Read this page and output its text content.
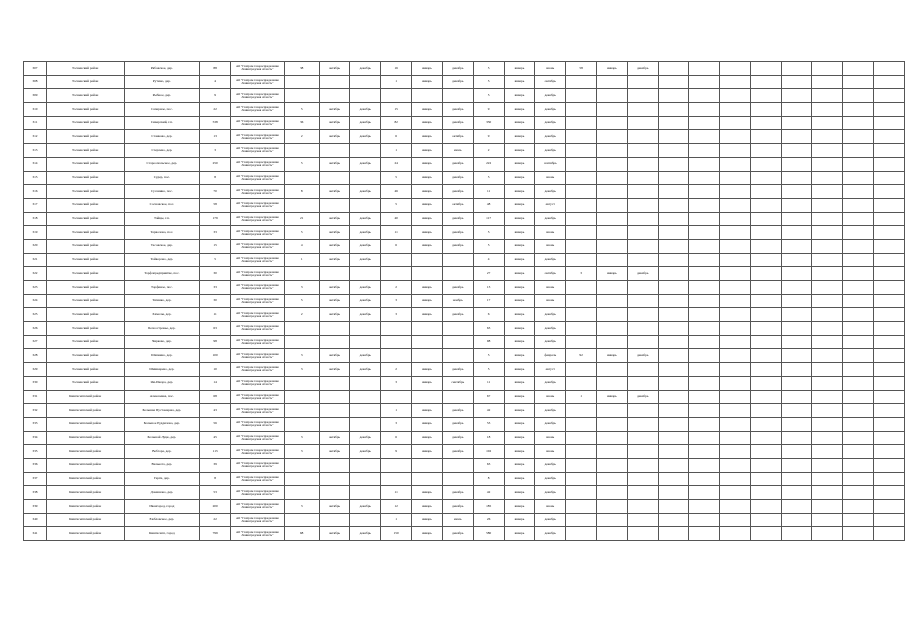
307	Тосненский район	Рябовское, дер.	88	АО "Газпром газораспределение Ленинградская область"	38	октябрь	декабрь	16	январь	декабрь	5	январь	июнь	58	январь	декабрь								
308	Тосненский район	Рутино, дер.	4	АО "Газпром газораспределение Ленинградская область"				1	январь	декабрь	5	январь	октябрь											
309	Тосненский район	Рыбное, дер.	9	АО "Газпром газораспределение Ленинградская область"							5	январь	декабрь											
310	Тосненский район	Саперное, пос.	22	АО "Газпром газораспределение Ленинградская область"	5	октябрь	декабрь	15	январь	декабрь	9	январь	декабрь											
311	Тосненский район	Сиверский, г.п.	538	АО "Газпром газораспределение Ленинградская область"	36	октябрь	декабрь	82	январь	декабрь	330	январь	декабрь											
312	Тосненский район	Станково, дер.	13	АО "Газпром газораспределение Ленинградская область"	2	октябрь	декабрь	6	январь	октябрь	9	январь	декабрь											
313	Тосненский район	Стерлево, дер.	3	АО "Газпром газораспределение Ленинградская область"				1	январь	июль	2	январь	декабрь											
314	Тосненский район	Староопольское, дер.	250	АО "Газпром газораспределение Ленинградская область"	5	октябрь	декабрь	24	январь	декабрь	222	январь	сентябрь											
315	Тосненский район	Судер, пос.	8	АО "Газпром газораспределение Ленинградская область"				5	январь	декабрь	5	январь	июнь											
316	Тосненский район	Сусанино, пос.	70	АО "Газпром газораспределение Ленинградская область"	8	октябрь	декабрь	46	январь	декабрь	11	январь	декабрь											
317	Тосненский район	Сосновское, пос.	58	АО "Газпром газораспределение Ленинградская область"				5	январь	октябрь	48	январь	август											
318	Тосненский район	Тайцы, г.п.	179	АО "Газпром газораспределение Ленинградская область"	21	октябрь	декабрь	40	январь	декабрь	117	январь	декабрь											
319	Тосненский район	Терволово, пос.	33	АО "Газпром газораспределение Ленинградская область"	5	октябрь	декабрь	11	январь	декабрь	5	январь	июнь											
320	Тосненский район	Тесовское, дер.	15	АО "Газпром газораспределение Ленинградская область"	4	октябрь	декабрь	6	январь	декабрь	5	январь	июнь											
321	Тосненский район	Тойворово, дер.	5	АО "Газпром газораспределение Ленинградская область"	1	октябрь	декабрь				4	январь	декабрь											
322	Тосненский район	Торфопредприятие, пос.	30	АО "Газпром газораспределение Ленинградская область"							27	январь	октябрь	3	январь	декабрь								
323	Тосненский район	Торфяное, пос.	33	АО "Газпром газораспределение Ленинградская область"	3	октябрь	декабрь	2	январь	декабрь	13	январь	июнь											
324	Тосненский район	Тягинко, дер.	30	АО "Газпром газораспределение Ленинградская область"	5	октябрь	декабрь	3	январь	ноябрь	17	январь	июнь											
325	Тосненский район	Хамолы, дер.	11	АО "Газпром газораспределение Ленинградская область"	2	октябрь	декабрь	3	январь	декабрь	6	январь	декабрь											
326	Тосненский район	Белоостровье, дер.	63	АО "Газпром газораспределение Ленинградская область"							63	январь	декабрь											
327	Тосненский район	Чирково, дер.	98	АО "Газпром газораспределение Ленинградская область"							98	январь	декабрь											
328	Тосненский район	Шапкино, дер.	100	АО "Газпром газораспределение Ленинградская область"	3	октябрь	декабрь				5	январь	февраль	92	январь	декабрь								
329	Тосненский район	Шишкарево, дер.	10	АО "Газпром газораспределение Ленинградская область"	3	октябрь	декабрь	2	январь	декабрь	5	январь	август											
330	Тосненский район	Ям-Ижора, дер.	14	АО "Газпром газораспределение Ленинградская область"				3	январь	сентябрь	11	январь	декабрь											
331	Кингисеппский район	Алексеевка, пос.	68	АО "Газпром газораспределение Ленинградская область"							67	январь	июнь	1	январь	декабрь								
332	Кингисеппский район	Большая Пустомержа, дер.	43	АО "Газпром газораспределение Ленинградская область"				1	январь	декабрь	42	январь	декабрь											
333	Кингисеппский район	Большое Руддилово, дер.	56	АО "Газпром газораспределение Ленинградская область"				3	январь	декабрь	53	январь	декабрь											
334	Кингисеппский район	Большой Луцк, дер.	45	АО "Газпром газораспределение Ленинградская область"	3	октябрь	декабрь	6	январь	декабрь	18	январь	июнь											
335	Кингисеппский район	Вебгора, дер.	113	АО "Газпром газораспределение Ленинградская область"	3	октябрь	декабрь	9	январь	декабрь	102	январь	июнь											
336	Кингисеппский район	Велькота, дер.	39	АО "Газпром газораспределение Ленинградская область"							63	январь	декабрь											
337	Кингисеппский район	Герги, дер.	8	АО "Газпром газораспределение Ленинградская область"							8	январь	декабрь											
338	Кингисеппский район	Домашово, дер.	53	АО "Газпром газораспределение Ленинградская область"				11	январь	декабрь	42	январь	декабрь											
339	Кингисеппский район	Ивангород, город	200	АО "Газпром газораспределение Ленинградская область"	3	октябрь	декабрь	12	январь	декабрь	185	январь	июнь											
340	Кингисеппский район	Ежбловское, дер.	22	АО "Газпром газораспределение Ленинградская область"				1	январь	июль	26	январь	декабрь											
341	Кингисеппский район	Кингисепп, город	799	АО "Газпром газораспределение Ленинградская область"	68	октябрь	декабрь	150	январь	декабрь	580	январь	декабрь											
